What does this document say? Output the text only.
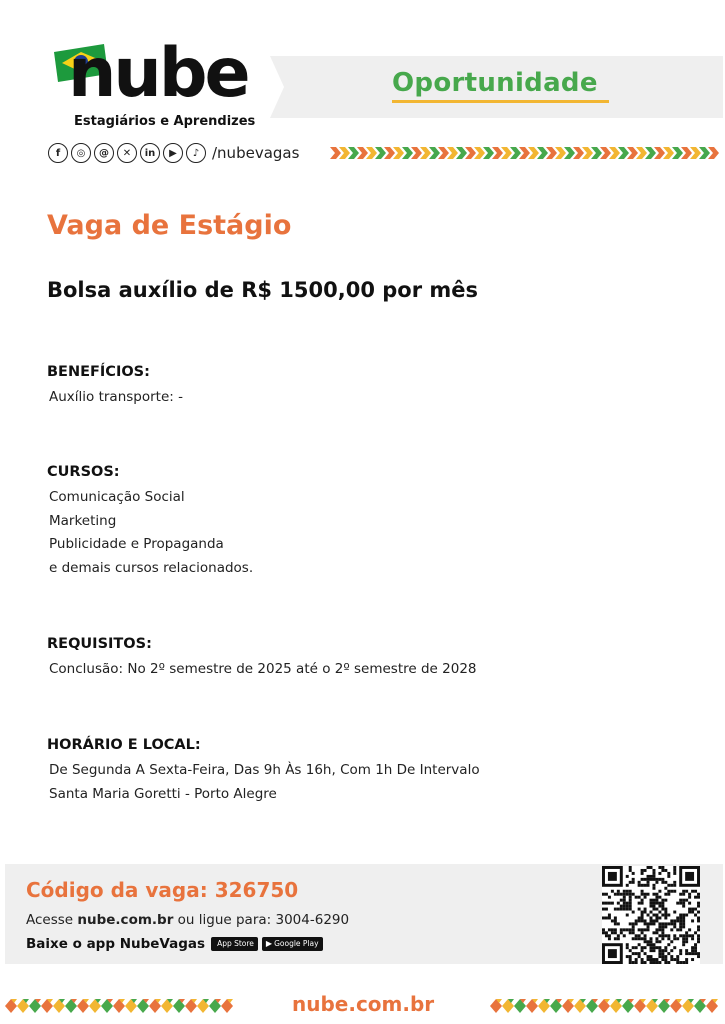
nube
Estagiários e Aprendizes
Oportunidade
f	◎	@	✕	in	▶	♪ /nubevagas
Vaga de Estágio
Bolsa auxílio de R$ 1500,00 por mês
BENEFÍCIOS:
Auxílio transporte: -
CURSOS:
Comunicação Social
Marketing
Publicidade e Propaganda
e demais cursos relacionados.
REQUISITOS:
Conclusão: No 2º semestre de 2025 até o 2º semestre de 2028
HORÁRIO E LOCAL:
De Segunda A Sexta-Feira, Das 9h Às 16h, Com 1h De Intervalo
Santa Maria Goretti - Porto Alegre
Código da vaga: 326750
Acesse nube.com.br ou ligue para: 3004-6290
Baixe o app NubeVagas App Store ▶ Google Play
nube.com.br
